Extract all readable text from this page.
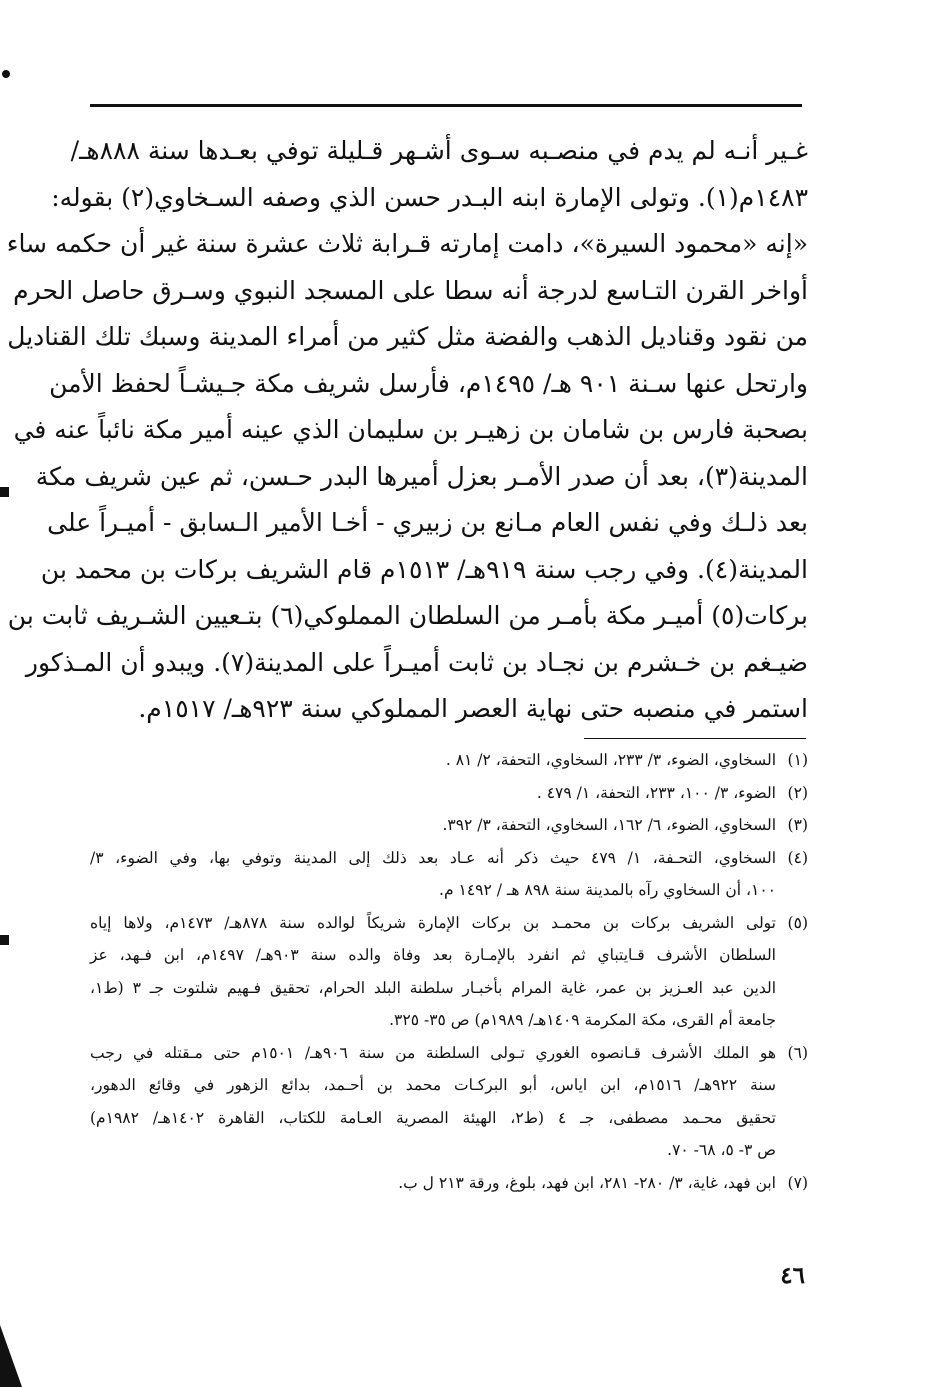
غـير أنـه لم يدم في منصـبه سـوى أشـهر قـليلة توفي بعـدها سنة ٨٨٨هـ/
١٤٨٣م(١). وتولى الإمارة ابنه البـدر حسن الذي وصفه السـخاوي(٢) بقوله:
«إنه «محمود السيرة»، دامت إمارته قـرابة ثلاث عشرة سنة غير أن حكمه ساء
أواخر القرن التـاسع لدرجة أنه سطا على المسجد النبوي وسـرق حاصل الحرم
من نقود وقناديل الذهب والفضة مثل كثير من أمراء المدينة وسبك تلك القناديل
وارتحل عنها سـنة ٩٠١ هـ/ ١٤٩٥م، فأرسل شريف مكة جـيشـاً لحفظ الأمن
بصحبة فارس بن شامان بن زهيـر بن سليمان الذي عينه أمير مكة نائباً عنه في
المدينة(٣)، بعد أن صدر الأمـر بعزل أميرها البدر حـسن، ثم عين شريف مكة
بعد ذلـك وفي نفس العام مـانع بن زبيري - أخـا الأمير الـسابق - أميـراً على
المدينة(٤). وفي رجب سنة ٩١٩هـ/ ١٥١٣م قام الشريف بركات بن محمد بن
بركات(٥) أميـر مكة بأمـر من السلطان المملوكي(٦) بتـعيين الشـريف ثابت بن
ضيـغم بن خـشرم بن نجـاد بن ثابت أميـراً على المدينة(٧). ويبدو أن المـذكور
استمر في منصبه حتى نهاية العصر المملوكي سنة ٩٢٣هـ/ ١٥١٧م.
(١)
السخاوي، الضوء، ٣/ ٢٣٣، السخاوي، التحفة، ٢/ ٨١ .
(٢)
الضوء، ٣/ ١٠٠، ٢٣٣، التحفة، ١/ ٤٧٩ .
(٣)
السخاوي، الضوء، ٦/ ١٦٢، السخاوي، التحفة، ٣/ ٣٩٢.
(٤)
السخاوي، التحـفة، ١/ ٤٧٩ حيث ذكر أنه عـاد بعد ذلك إلى المدينة وتوفي بها، وفي الضوء، ٣/
١٠٠، أن السخاوي رآه بالمدينة سنة ٨٩٨ هـ / ١٤٩٢ م.
(٥)
تولى الشريف بركات بن محمـد بن بركات الإمارة شريكاً لوالده سنة ٨٧٨هـ/ ١٤٧٣م، ولاها إياه
السلطان الأشرف قـايتباي ثم انفرد بالإمـارة بعد وفاة والده سنة ٩٠٣هـ/ ١٤٩٧م، ابن فـهد، عز
الدين عبد العـزيز بن عمر، غاية المرام بأخبـار سلطنة البلد الحرام، تحقيق فـهيم شلتوت جـ ٣ (ط١،
جامعة أم القرى، مكة المكرمة ١٤٠٩هـ/ ١٩٨٩م) ص ٣٥- ٣٢٥.
(٦)
هو الملك الأشرف قـانصوه الغوري تـولى السلطنة من سنة ٩٠٦هـ/ ١٥٠١م حتى مـقتله في رجب
سنة ٩٢٢هـ/ ١٥١٦م، ابن اياس، أبو البركـات محمد بن أحـمد، بدائع الزهور في وقائع الدهور،
تحقيق محـمد مصطفى، جـ ٤ (ط٢، الهيئة المصرية العـامة للكتاب، القاهرة ١٤٠٢هـ/ ١٩٨٢م)
ص ٣- ٥، ٦٨- ٧٠.
(٧)
ابن فهد، غاية، ٣/ ٢٨٠- ٢٨١، ابن فهد، بلوغ، ورقة ٢١٣ ل ب.
٤٦
